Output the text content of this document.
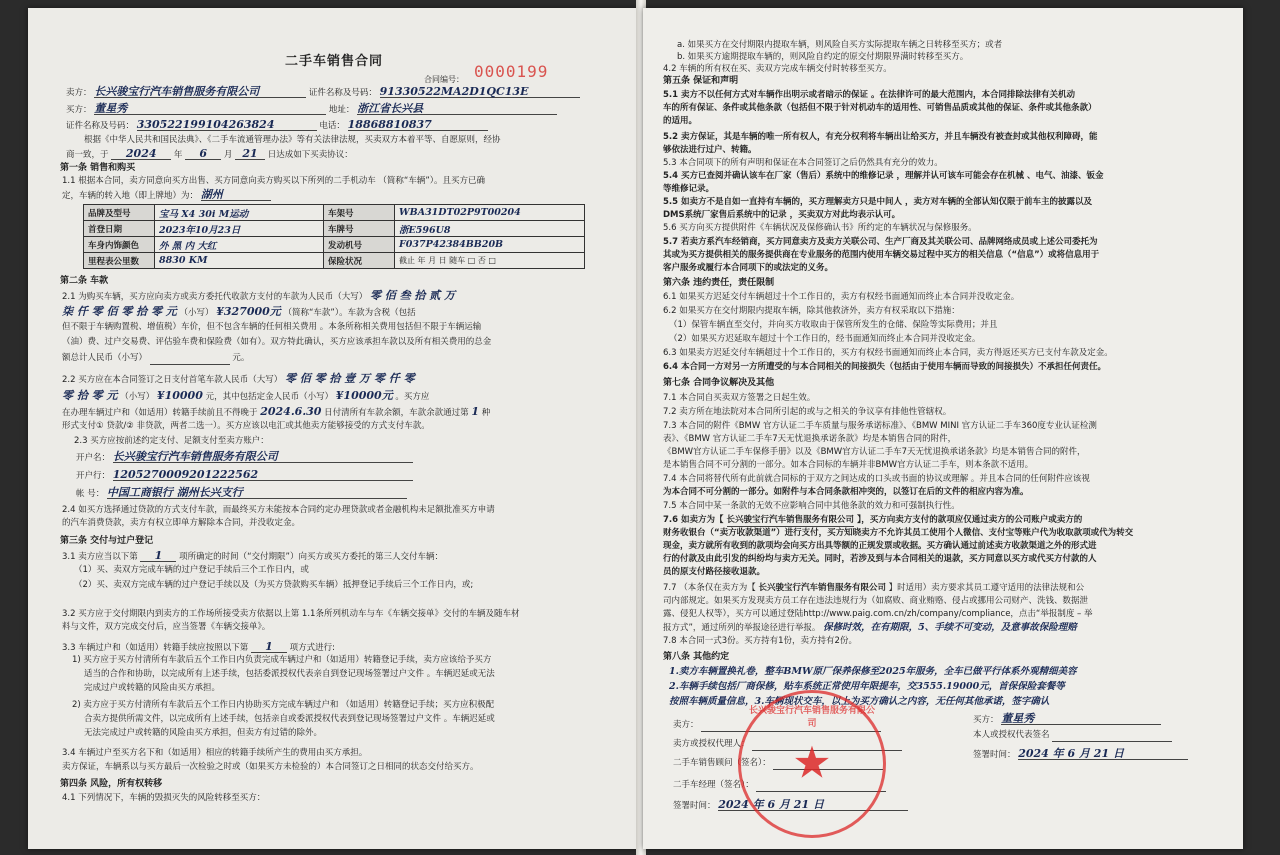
二手车销售合同
合同编号： 0000199
卖方： 长兴骏宝行汽车销售服务有限公司	证件名称及号码： 91330522MA2D1QC13E
买方： 董星秀	地址： 浙江省长兴县
证件名称及号码： 330522199104263824	电话： 18868810837
根据《中华人民共和国民法典》、《二手车流通管理办法》等有关法律法规，买卖双方本着平等、自愿原则，经协
商一致，于 2024 年 6 月 21 日达成如下买卖协议：
第一条 销售和购买
1.1 根据本合同，卖方同意向买方出售、买方同意向卖方购买以下所列的二手机动车 （简称“车辆”）。且买方已确
定，车辆的转入地（即上牌地）为： 湖州
品牌及型号	宝马 X4 30i M运动	车架号	WBA31DT02P9T00204
首登日期	2023年10月23日	车牌号	浙E596U8
车身内饰颜色	外 黑 内 大红	发动机号	F037P42384BB20B
里程表公里数	8830 KM	保险状况	截止 年 月 日 随车 □ 否 □
第二条 车款
2.1 为购买车辆，买方应向卖方或卖方委托代收款方支付的车款为人民币（大写） 零 佰 叁 拾 贰 万
柒 仟 零 佰 零 拾 零 元 （小写） ¥327000元 （简称“车款”）。车款为含税（包括
但不限于车辆购置税、增值税）车价，但不包含车辆的任何相关费用 。本条所称相关费用包括但不限于车辆运输
（油）费、过户交易费、评估验车费和保险费（如有）。双方特此确认，买方应该承担车款以及所有相关费用的总金
额总计人民币（小写）	元。
2.2 买方应在本合同签订之日支付首笔车款人民币（大写） 零 佰 零 拾 壹 万 零 仟 零
零 拾 零 元 （小写） ¥10000 元，其中包括定金人民币（小写） ¥10000元 。买方应
在办理车辆过户和（如适用）转籍手续前且不得晚于 2024.6.30 日付清所有车款余额，车款余款通过第 1 种
形式支付① 贷款/② 非贷款，两者二选一）。买方应该以电汇或其他卖方能够接受的方式支付车款。
2.3 买方应按前述约定支付、足额支付至卖方账户：
开户名： 长兴骏宝行汽车销售服务有限公司
开户行： 1205270009201222562
帐 号： 中国工商银行 湖州长兴支行
2.4 如买方选择通过贷款的方式支付车款，而最终买方未能按本合同约定办理贷款或者金融机构未足额批准买方申请
的汽车消费贷款，卖方有权立即单方解除本合同，并没收定金。
第三条 交付与过户登记
3.1 卖方应当以下第 1 项所确定的时间（“交付期限”）向买方或买方委托的第三人交付车辆：
（1）买、卖双方完成车辆的过户登记手续后三个工作日内，或
（2）买、卖双方完成车辆的过户登记手续以及（为买方贷款购买车辆）抵押登记手续后三个工作日内，或;
3.2 买方应于交付期限内到卖方的工作场所接受卖方依据以上第 1.1条所列机动车与车《车辆交接单》交付的车辆及随车材
料与文件，双方完成交付后，应当签署《车辆交接单》。
3.3 车辆过户和（如适用）转籍手续应按照以下第 1 项方式进行:
1) 买方应于买方付清所有车款后五个工作日内负责完成车辆过户和（如适用）转籍登记手续，卖方应该给予买方
适当的合作和协助，以完成所有上述手续，包括委派授权代表亲自到登记现场签署过户文件 。车辆迟延或无法
完成过户或转籍的风险由买方承担。
2) 卖方应于买方付清所有车款后五个工作日内协助买方完成车辆过户和 （如适用）转籍登记手续；买方应积极配
合卖方提供所需文件，以完成所有上述手续，包括亲自或委派授权代表到登记现场签署过户文件 。车辆迟延或
无法完成过户或转籍的风险由买方承担，但卖方有过错的除外。
3.4 车辆过户至买方名下和（如适用）相应的转籍手续所产生的费用由买方承担。
卖方保证，车辆系以与买方最后一次检验之时或（如果买方未检验的）本合同签订之日相同的状态交付给买方。
第四条 风险，所有权转移
4.1 下列情况下，车辆的毁损灭失的风险转移至买方：
a. 如果买方在交付期限内提取车辆，则风险自买方实际提取车辆之日转移至买方；或者
b. 如果买方逾期提取车辆的，则风险自约定的原交付期限界满时转移至买方。
4.2 车辆的所有权在买、卖双方完成车辆交付时转移至买方。
第五条 保证和声明
5.1 卖方不以任何方式对车辆作出明示或者暗示的保证 。在法律许可的最大范围内，本合同排除法律有关机动
车的所有保证、条件或其他条款（包括但不限于针对机动车的适用性、可销售品质或其他的保证、条件或其他条款）
的适用。
5.2 卖方保证，其是车辆的唯一所有权人，有充分权利将车辆出让给买方，并且车辆没有被查封或其他权利障碍，能
够依法进行过户、转籍。
5.3 本合同项下的所有声明和保证在本合同签订之后仍然具有充分的效力。
5.4 买方已查阅并确认该车在厂家（售后）系统中的维修记录 ，理解并认可该车可能会存在机械 、电气、油漆、钣金
等维修记录。
5.5 如卖方不是自如一直持有车辆的，买方理解卖方只是中间人 ，卖方对车辆的全部认知仅限于前车主的披露以及
DMS系统厂家售后系统中的记录 ，买卖双方对此均表示认可。
5.6 买方向买方提供附件《车辆状况及保修确认书》所约定的车辆状况与保修服务。
5.7 若卖方系汽车经销商，买方同意卖方及卖方关联公司、生产厂商及其关联公司、品牌网络成员或上述公司委托为
其或为买方提供相关的服务提供商在专业服务的范围内使用车辆交易过程中买方的相关信息（“信息”）或将信息用于
客户服务或履行本合同项下的或法定的义务。
第六条 违约责任，责任限制
6.1 如果买方迟延交付车辆超过十个工作日的，卖方有权经书面通知而终止本合同并没收定金。
6.2 如果买方在交付期限内提取车辆，除其他救济外，卖方有权采取以下措施：
（1）保管车辆直至交付，并向买方收取由于保管所发生的仓储、保险等实际费用；并且
（2）如果买方迟延取车超过十个工作日的，经书面通知而终止本合同并没收定金。
6.3 如果卖方迟延交付车辆超过十个工作日的，买方有权经书面通知而终止本合同，卖方得返还买方已支付车款及定金。
6.4 本合同一方对另一方所遭受的与本合同相关的间接损失（包括由于使用车辆而导致的间接损失）不承担任何责任。
第七条 合同争议解决及其他
7.1 本合同自买卖双方签署之日起生效。
7.2 卖方所在地法院对本合同所引起的或与之相关的争议享有排他性管辖权。
7.3 本合同的附件《BMW 官方认证二手车质量与服务承诺标准》、《BMW MINI 官方认证二手车360度专业认证检测
表》、《BMW 官方认证二手车7天无忧退换承诺条款》均是本销售合同的附件，
《BMW官方认证二手车保修手册》以及《BMW官方认证二手车7天无忧退换承诺条款》均是本销售合同的附件，
是本销售合同不可分割的一部分。如本合同标的车辆并非BMW官方认证二手车，则本条款不适用。
7.4 本合同将替代所有此前就合同标的于双方之间达成的口头或书面的协议或理解 。并且本合同的任何附件应该视
为本合同不可分割的一部分。如附件与本合同条款相冲突的，以签订在后的文件的相应内容为准。
7.5 本合同中某一条款的无效不应影响合同中其他条款的效力和可强制执行性。
7.6 如卖方为【 长兴骏宝行汽车销售服务有限公司 】，买方向卖方支付的款项应仅通过卖方的公司账户或卖方的
财务收银台（“卖方收款渠道”）进行支付，买方知晓卖方不允许其员工使用个人微信、支付宝等账户代为收取款项或代为转交
现金，卖方就所有收到的款项均会向买方出具等额的正规发票或收据。买方确认通过前述卖方收款渠道之外的形式进
行的付款及由此引发的纠纷均与卖方无关。同时，若涉及到与本合同相关的退款，买方同意以买方或代买方付款的人
员的原支付路径接收退款。
7.7 （本条仅在卖方为【 长兴骏宝行汽车销售服务有限公司 】时适用）卖方要求其员工遵守适用的法律法规和公
司内部规定。如果买方发现卖方员工存在违法违规行为（如腐败、商业贿赂、侵占或挪用公司财产、洗钱、数据泄
露、侵犯人权等），买方可以通过登陆http://www.paig.com.cn/zh/company/compliance，点击“举报制度 – 举
报方式”，通过所列的举报途径进行举报。 保修时效，在有期限，5、手续不可变动，及意事故保险理赔
7.8 本合同一式3份。买方持有1份，卖方持有2份。
第八条 其他约定
1.卖方车辆置换礼卷，整车BMW原厂保养保修至2025年服务，全车已做平行体系外观精细美容
2.车辆手续包括厂商保修，贴车系统正常使用年限提车，交3555.19000元，首保保险套餐等
按照车辆质量信息，3.车辆现状交车，以上为买方确认之内容，无任何其他承诺，签字确认
卖方：
卖方或授权代理人：
二手车销售顾问（签名）：
二手车经理（签名）：
签署时间： 2024 年 6 月 21 日
买方： 董星秀
本人或授权代表签名
签署时间： 2024 年 6 月 21 日
长兴骏宝行汽车销售服务有限公司
★
